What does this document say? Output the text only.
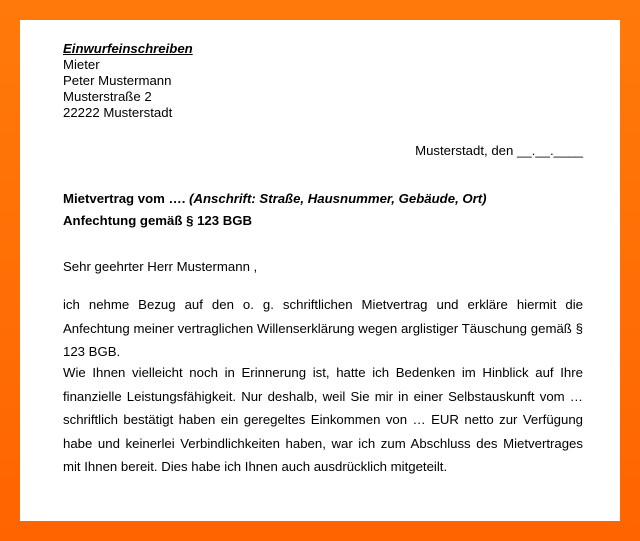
Einwurfeinschreiben
Mieter
Peter Mustermann
Musterstraße 2
22222 Musterstadt
Musterstadt, den __.__.____
Mietvertrag vom …. (Anschrift: Straße, Hausnummer, Gebäude, Ort)
Anfechtung gemäß § 123 BGB
Sehr geehrter Herr Mustermann ,
ich nehme Bezug auf den o. g. schriftlichen Mietvertrag und erkläre hiermit die Anfechtung meiner vertraglichen Willenserklärung wegen arglistiger Täuschung gemäß § 123 BGB.
Wie Ihnen vielleicht noch in Erinnerung ist, hatte ich Bedenken im Hinblick auf Ihre finanzielle Leistungsfähigkeit. Nur deshalb, weil Sie mir in einer Selbstauskunft vom … schriftlich bestätigt haben ein geregeltes Einkommen von … EUR netto zur Verfügung habe und keinerlei Verbindlichkeiten haben, war ich zum Abschluss des Mietvertrages mit Ihnen bereit. Dies habe ich Ihnen auch ausdrücklich mitgeteilt.
